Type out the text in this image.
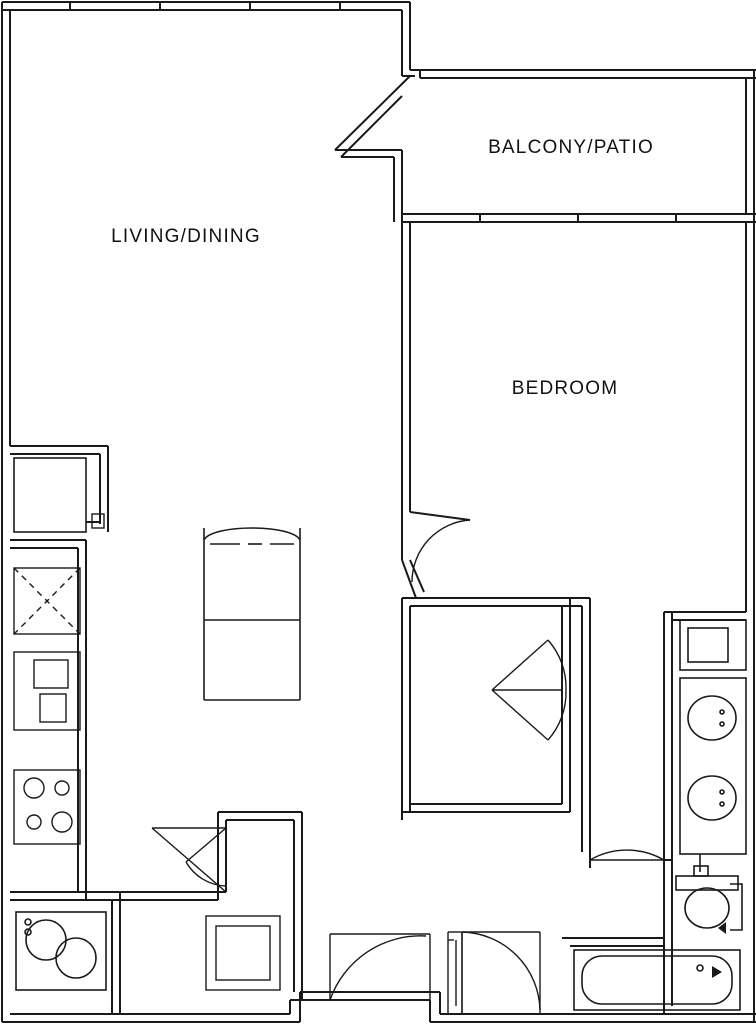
LIVING/DINING
BALCONY/PATIO
BEDROOM
